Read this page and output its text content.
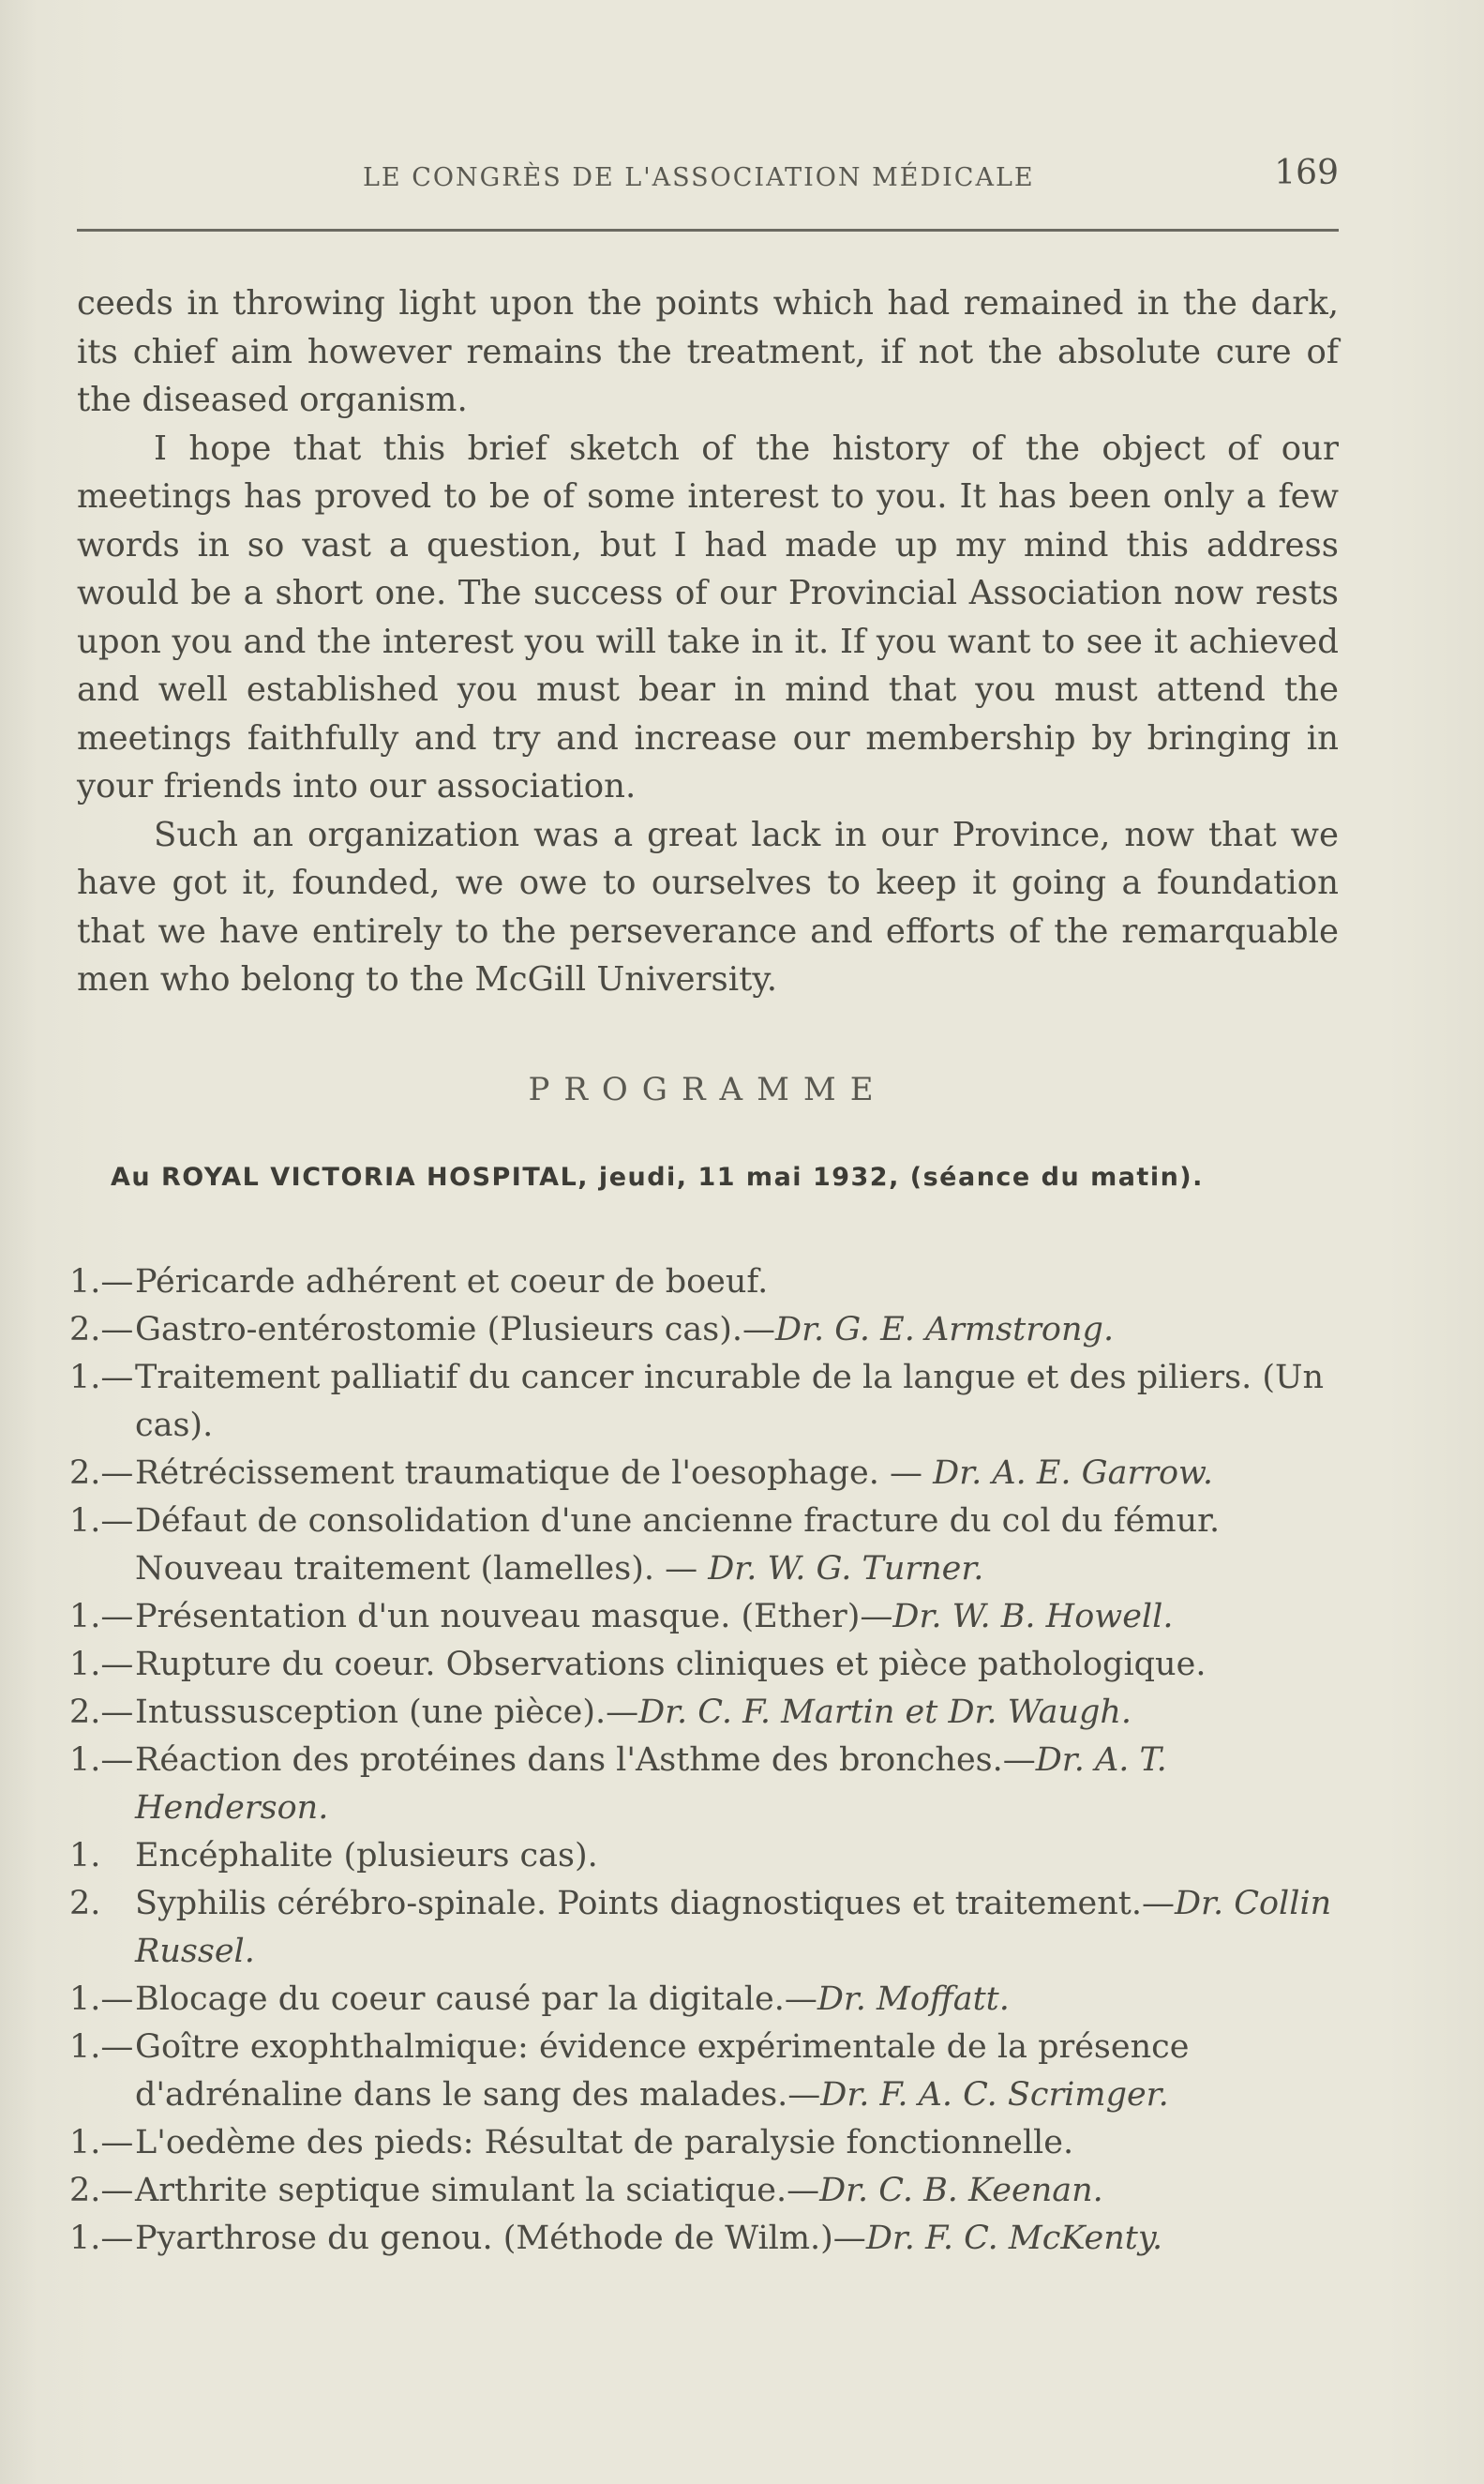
LE CONGRÈS DE L'ASSOCIATION MÉDICALE	169

ceeds in throwing light upon the points which had remained in the dark, its chief aim however remains the treatment, if not the absolute cure of the diseased organism.

I hope that this brief sketch of the history of the object of our meetings has proved to be of some interest to you. It has been only a few words in so vast a question, but I had made up my mind this address would be a short one. The success of our Provincial Association now rests upon you and the interest you will take in it. If you want to see it achieved and well established you must bear in mind that you must attend the meetings faithfully and try and increase our membership by bringing in your friends into our association.

Such an organization was a great lack in our Province, now that we have got it, founded, we owe to ourselves to keep it going a foundation that we have entirely to the perseverance and efforts of the remarquable men who belong to the McGill University.

PROGRAMME
Au ROYAL VICTORIA HOSPITAL, jeudi, 11 mai 1932, (séance du matin).
1.— Péricarde adhérent et coeur de boeuf.
2.— Gastro-entérostomie (Plusieurs cas).—Dr. G. E. Armstrong.
1.— Traitement palliatif du cancer incurable de la langue et des piliers. (Un cas).
2.— Rétrécissement traumatique de l'oesophage. — Dr. A. E. Garrow.
1.— Défaut de consolidation d'une ancienne fracture du col du fémur. Nouveau traitement (lamelles). — Dr. W. G. Turner.
1.— Présentation d'un nouveau masque. (Ether)—Dr. W. B. Howell.
1.— Rupture du coeur. Observations cliniques et pièce pathologique.
2.— Intussusception (une pièce).—Dr. C. F. Martin et Dr. Waugh.
1.— Réaction des protéines dans l'Asthme des bronches.—Dr. A. T. Henderson.
1.	Encéphalite (plusieurs cas).
2.	Syphilis cérébro-spinale. Points diagnostiques et traitement.—Dr. Collin Russel.
1.— Blocage du coeur causé par la digitale.—Dr. Moffatt.
1.— Goître exophthalmique: évidence expérimentale de la présence d'adrénaline dans le sang des malades.—Dr. F. A. C. Scrimger.
1.— L'oedème des pieds: Résultat de paralysie fonctionnelle.
2.— Arthrite septique simulant la sciatique.—Dr. C. B. Keenan.
1.— Pyarthrose du genou. (Méthode de Wilm.)—Dr. F. C. McKenty.
